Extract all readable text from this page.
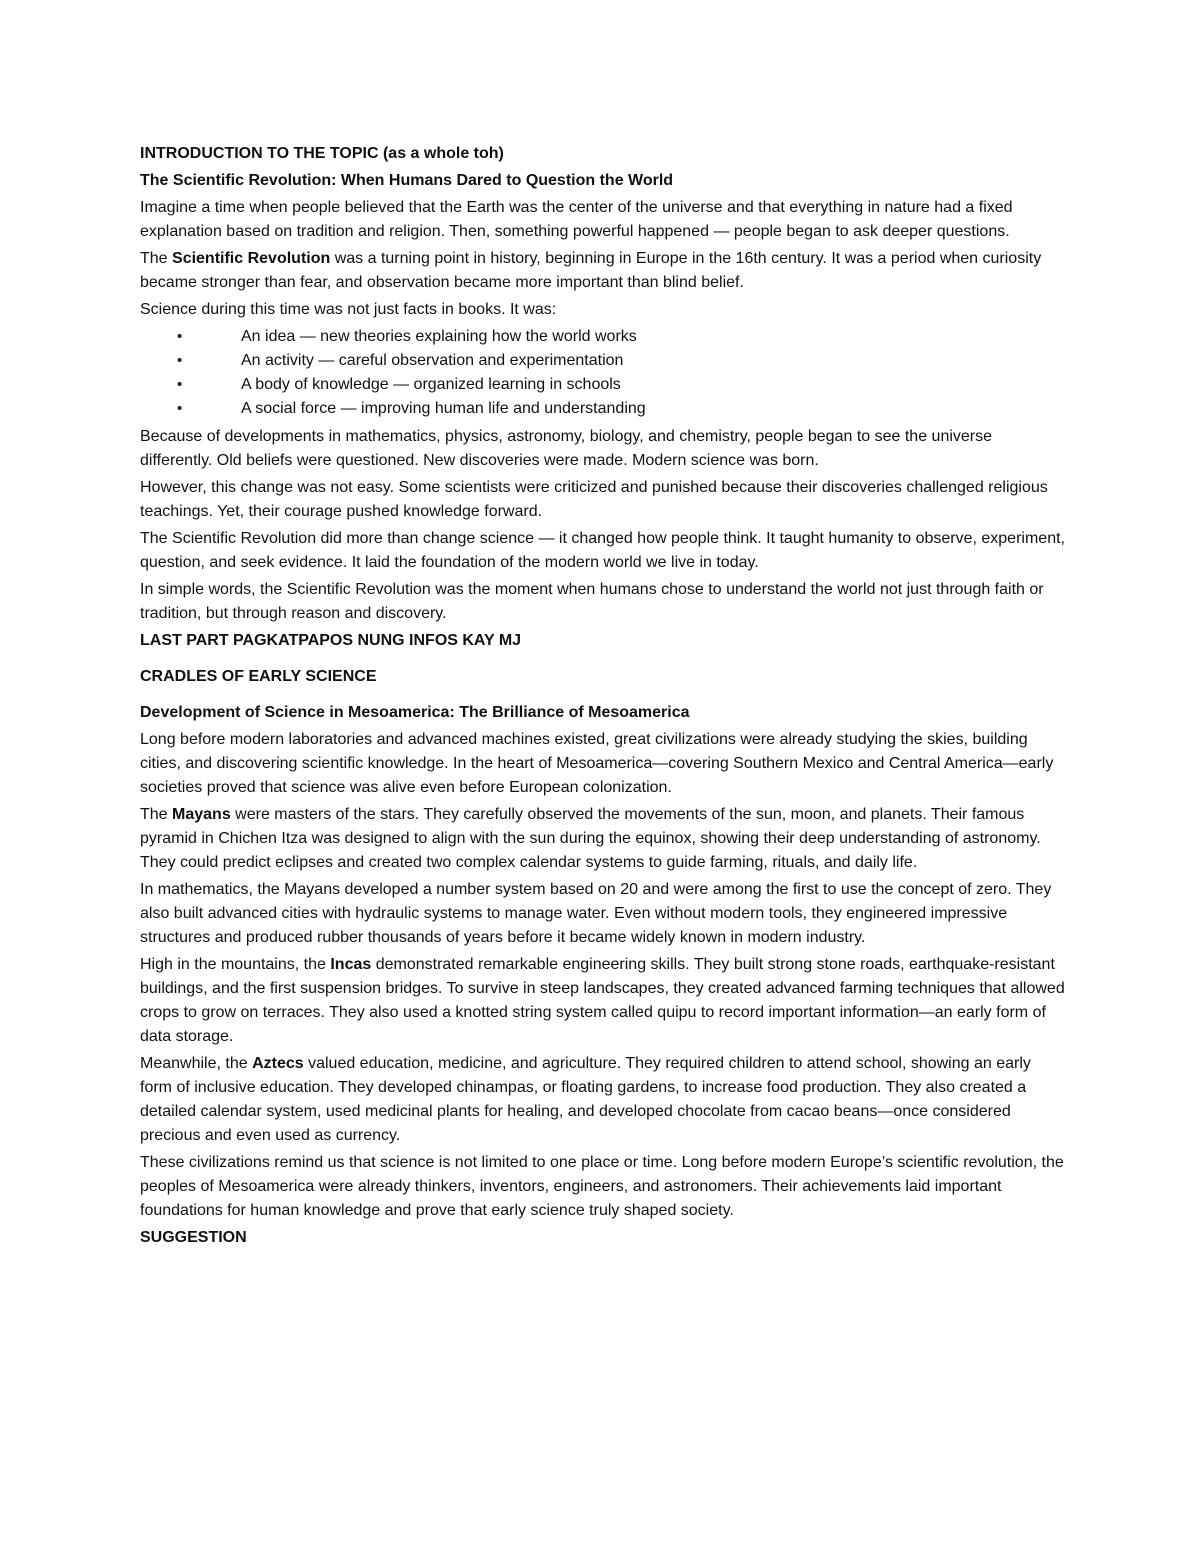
INTRODUCTION TO THE TOPIC (as a whole toh)

The Scientific Revolution: When Humans Dared to Question the World

Imagine a time when people believed that the Earth was the center of the universe and that everything in nature had a fixed explanation based on tradition and religion. Then, something powerful happened — people began to ask deeper questions.

The Scientific Revolution was a turning point in history, beginning in Europe in the 16th century. It was a period when curiosity became stronger than fear, and observation became more important than blind belief.

Science during this time was not just facts in books. It was:

•	An idea — new theories explaining how the world works
•	An activity — careful observation and experimentation
•	A body of knowledge — organized learning in schools
•	A social force — improving human life and understanding

Because of developments in mathematics, physics, astronomy, biology, and chemistry, people began to see the universe differently. Old beliefs were questioned. New discoveries were made. Modern science was born.

However, this change was not easy. Some scientists were criticized and punished because their discoveries challenged religious teachings. Yet, their courage pushed knowledge forward.

The Scientific Revolution did more than change science — it changed how people think. It taught humanity to observe, experiment, question, and seek evidence. It laid the foundation of the modern world we live in today.

In simple words, the Scientific Revolution was the moment when humans chose to understand the world not just through faith or tradition, but through reason and discovery.

LAST PART PAGKATPAPOS NUNG INFOS KAY MJ

CRADLES OF EARLY SCIENCE

Development of Science in Mesoamerica: The Brilliance of Mesoamerica

Long before modern laboratories and advanced machines existed, great civilizations were already studying the skies, building cities, and discovering scientific knowledge. In the heart of Mesoamerica—covering Southern Mexico and Central America—early societies proved that science was alive even before European colonization.

The Mayans were masters of the stars. They carefully observed the movements of the sun, moon, and planets. Their famous pyramid in Chichen Itza was designed to align with the sun during the equinox, showing their deep understanding of astronomy. They could predict eclipses and created two complex calendar systems to guide farming, rituals, and daily life.

In mathematics, the Mayans developed a number system based on 20 and were among the first to use the concept of zero. They also built advanced cities with hydraulic systems to manage water. Even without modern tools, they engineered impressive structures and produced rubber thousands of years before it became widely known in modern industry.

High in the mountains, the Incas demonstrated remarkable engineering skills. They built strong stone roads, earthquake-resistant buildings, and the first suspension bridges. To survive in steep landscapes, they created advanced farming techniques that allowed crops to grow on terraces. They also used a knotted string system called quipu to record important information—an early form of data storage.

Meanwhile, the Aztecs valued education, medicine, and agriculture. They required children to attend school, showing an early form of inclusive education. They developed chinampas, or floating gardens, to increase food production. They also created a detailed calendar system, used medicinal plants for healing, and developed chocolate from cacao beans—once considered precious and even used as currency.

These civilizations remind us that science is not limited to one place or time. Long before modern Europe’s scientific revolution, the peoples of Mesoamerica were already thinkers, inventors, engineers, and astronomers. Their achievements laid important foundations for human knowledge and prove that early science truly shaped society.

SUGGESTION
